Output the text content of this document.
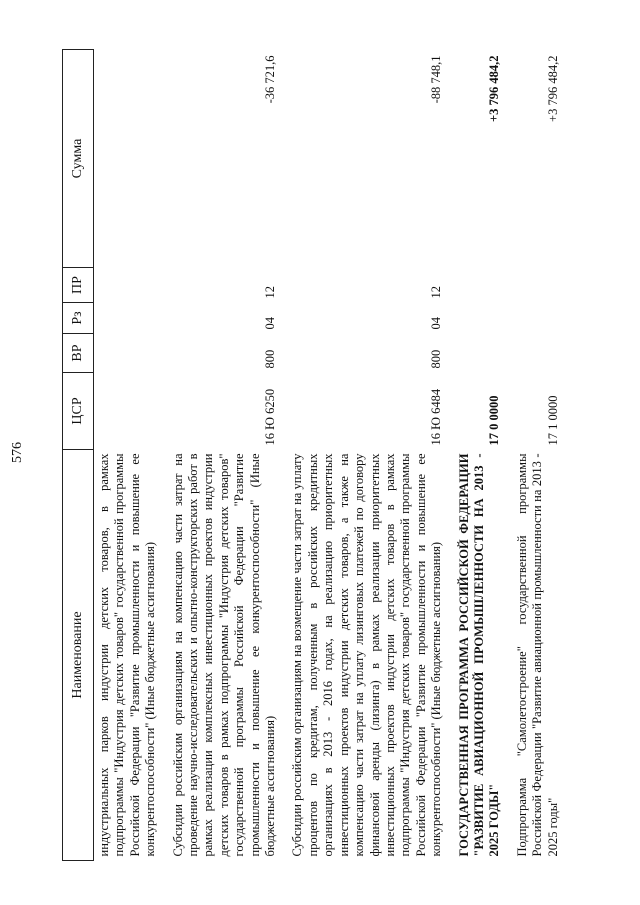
576
Наименование	ЦСР	ВР	Рз	ПР	Сумма
индустриальных парков индустрии детских товаров, в рамках подпрограммы "Индустрия детских товаров" государственной программы Российской Федерации "Развитие промышленности и повышение ее конкурентоспособности" (Иные бюджетные ассигнования)					
Субсидии российским организациям на компенсацию части затрат на проведение научно-исследовательских и опытно-конструкторских работ в рамках реализации комплексных инвестиционных проектов индустрии детских товаров в рамках подпрограммы "Индустрия детских товаров" государственной программы Российской Федерации "Развитие промышленности и повышение ее конкурентоспособности" (Иные бюджетные ассигнования)	16 Ю 6250	800	04	12	-36 721,6
Субсидии российским организациям на возмещение части затрат на уплату процентов по кредитам, полученным в российских кредитных организациях в 2013 - 2016 годах, на реализацию приоритетных инвестиционных проектов индустрии детских товаров, а также на компенсацию части затрат на уплату лизинговых платежей по договору финансовой аренды (лизинга) в рамках реализации приоритетных инвестиционных проектов индустрии детских товаров в рамках подпрограммы "Индустрия детских товаров" государственной программы Российской Федерации "Развитие промышленности и повышение ее конкурентоспособности" (Иные бюджетные ассигнования)	16 Ю 6484	800	04	12	-88 748,1
ГОСУДАРСТВЕННАЯ ПРОГРАММА РОССИЙСКОЙ ФЕДЕРАЦИИ "РАЗВИТИЕ АВИАЦИОННОЙ ПРОМЫШЛЕННОСТИ НА 2013 - 2025 ГОДЫ"	17 0 0000				+3 796 484,2
Подпрограмма "Самолетостроение" государственной программы Российской Федерации "Развитие авиационной промышленности на 2013 - 2025 годы"	17 1 0000				+3 796 484,2
